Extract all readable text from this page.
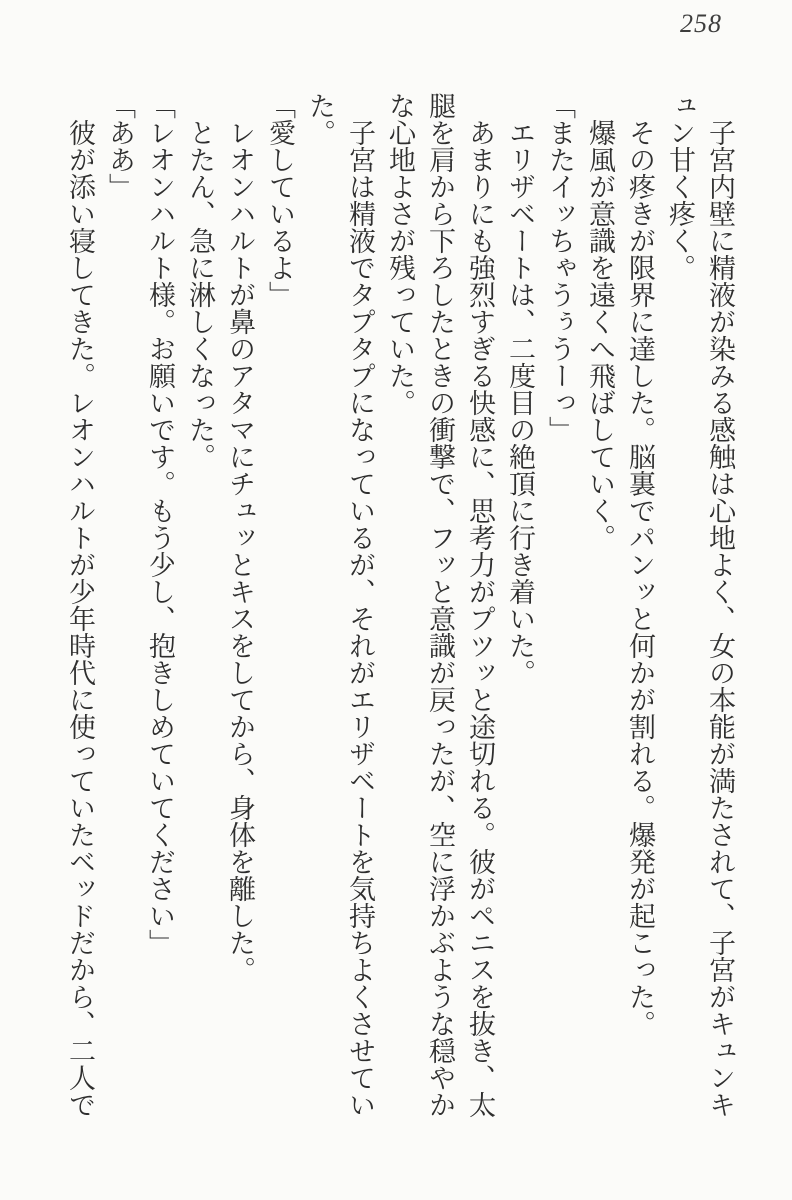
258

子宮内壁に精液が染みる感触は心地よく、女の本能が満たされて、子宮がキュンキュン甘く疼く。

その疼きが限界に達した。脳裏でパンッと何かが割れる。爆発が起こった。

爆風が意識を遠くへ飛ばしていく。

「またイッちゃうぅうーっ」

エリザベートは、二度目の絶頂に行き着いた。

あまりにも強烈すぎる快感に、思考力がプツッと途切れる。彼がペニスを抜き、太腿を肩から下ろしたときの衝撃で、フッと意識が戻ったが、空に浮かぶような穏やかな心地よさが残っていた。

子宮は精液でタプタプになっているが、それがエリザベートを気持ちよくさせていた。

「愛しているよ」

レオンハルトが鼻のアタマにチュッとキスをしてから、身体を離した。

とたん、急に淋しくなった。

「レオンハルト様。お願いです。もう少し、抱きしめていてください」

「ああ」

彼が添い寝してきた。レオンハルトが少年時代に使っていたベッドだから、二人で
